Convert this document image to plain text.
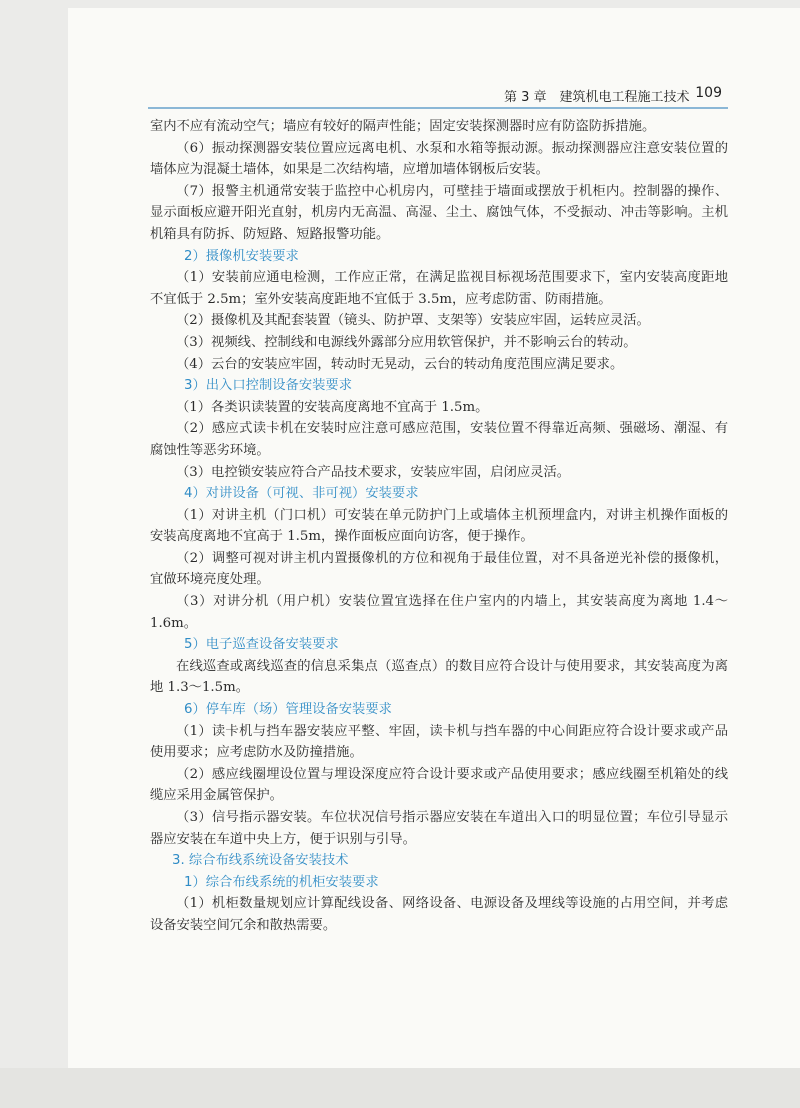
第 3 章　建筑机电工程施工技术 109

室内不应有流动空气；墙应有较好的隔声性能；固定安装探测器时应有防盗防拆措施。

（6）振动探测器安装位置应远离电机、水泵和水箱等振动源。振动探测器应注意安装位置的墙体应为混凝土墙体，如果是二次结构墙，应增加墙体钢板后安装。

（7）报警主机通常安装于监控中心机房内，可壁挂于墙面或摆放于机柜内。控制器的操作、显示面板应避开阳光直射，机房内无高温、高湿、尘土、腐蚀气体，不受振动、冲击等影响。主机机箱具有防拆、防短路、短路报警功能。

2）摄像机安装要求

（1）安装前应通电检测，工作应正常，在满足监视目标视场范围要求下，室内安装高度距地不宜低于 2.5m；室外安装高度距地不宜低于 3.5m，应考虑防雷、防雨措施。

（2）摄像机及其配套装置（镜头、防护罩、支架等）安装应牢固，运转应灵活。

（3）视频线、控制线和电源线外露部分应用软管保护，并不影响云台的转动。

（4）云台的安装应牢固，转动时无晃动，云台的转动角度范围应满足要求。

3）出入口控制设备安装要求

（1）各类识读装置的安装高度离地不宜高于 1.5m。

（2）感应式读卡机在安装时应注意可感应范围，安装位置不得靠近高频、强磁场、潮湿、有腐蚀性等恶劣环境。

（3）电控锁安装应符合产品技术要求，安装应牢固，启闭应灵活。

4）对讲设备（可视、非可视）安装要求

（1）对讲主机（门口机）可安装在单元防护门上或墙体主机预埋盒内，对讲主机操作面板的安装高度离地不宜高于 1.5m，操作面板应面向访客，便于操作。

（2）调整可视对讲主机内置摄像机的方位和视角于最佳位置，对不具备逆光补偿的摄像机，宜做环境亮度处理。

（3）对讲分机（用户机）安装位置宜选择在住户室内的内墙上，其安装高度为离地 1.4～1.6m。

5）电子巡查设备安装要求

在线巡查或离线巡查的信息采集点（巡查点）的数目应符合设计与使用要求，其安装高度为离地 1.3～1.5m。

6）停车库（场）管理设备安装要求

（1）读卡机与挡车器安装应平整、牢固，读卡机与挡车器的中心间距应符合设计要求或产品使用要求；应考虑防水及防撞措施。

（2）感应线圈埋设位置与埋设深度应符合设计要求或产品使用要求；感应线圈至机箱处的线缆应采用金属管保护。

（3）信号指示器安装。车位状况信号指示器应安装在车道出入口的明显位置；车位引导显示器应安装在车道中央上方，便于识别与引导。

3. 综合布线系统设备安装技术
1）综合布线系统的机柜安装要求

（1）机柜数量规划应计算配线设备、网络设备、电源设备及埋线等设施的占用空间，并考虑设备安装空间冗余和散热需要。
